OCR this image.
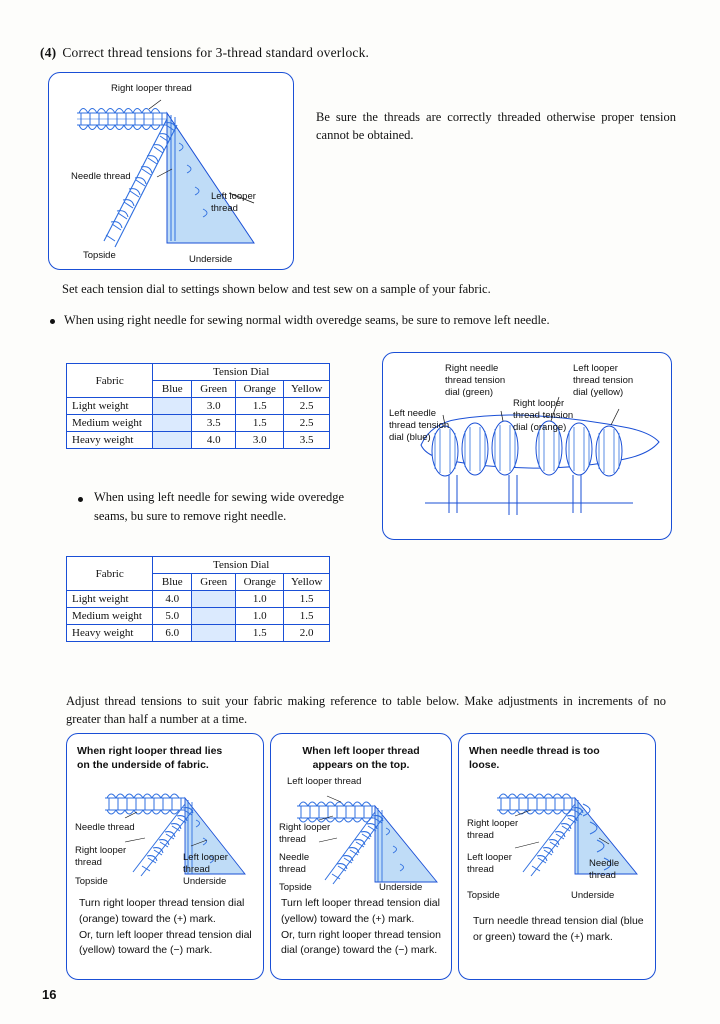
(4) Correct thread tensions for 3-thread standard overlock.
Right looper thread
Needle thread
Left looper
thread
Topside	Underside
Be sure the threads are correctly threaded otherwise proper tension cannot be obtained.
Set each tension dial to settings shown below and test sew on a sample of your fabric.
When using right needle for sewing normal width overedge seams, be sure to remove left needle.
Fabric	Tension Dial			
	Blue	Green	Orange	Yellow
Light weight		3.0	1.5	2.5
Medium weight		3.5	1.5	2.5
Heavy weight		4.0	3.0	3.5
Right needle
thread tension
dial (green)
Left looper
thread tension
dial (yellow)
Left needle
thread tension
dial (blue)
Right looper
thread tension
dial (orange)
When using left needle for sewing wide overedge seams, bu sure to remove right needle.
Fabric	Tension Dial			
	Blue	Green	Orange	Yellow
Light weight	4.0		1.0	1.5
Medium weight	5.0		1.0	1.5
Heavy weight	6.0		1.5	2.0
Adjust thread tensions to suit your fabric making reference to table below. Make adjustments in increments of no greater than half a number at a time.
When right looper thread lies
on the underside of fabric.
Needle thread
Right looper
thread	Left looper
thread
Topside	Underside
Turn right looper thread tension dial (orange) toward the (+) mark.
Or, turn left looper thread tension dial (yellow) toward the (−) mark.
When left looper thread
appears on the top.
Left looper thread
Right looper
thread
Needle
thread
Topside	Underside
Turn left looper thread tension dial (yellow) toward the (+) mark.
Or, turn right looper thread tension dial (orange) toward the (−) mark.
When needle thread is too
loose.
Right looper
thread
Left looper
thread
Needle
thread
Topside	Underside
Turn needle thread tension dial (blue or green) toward the (+) mark.
16
